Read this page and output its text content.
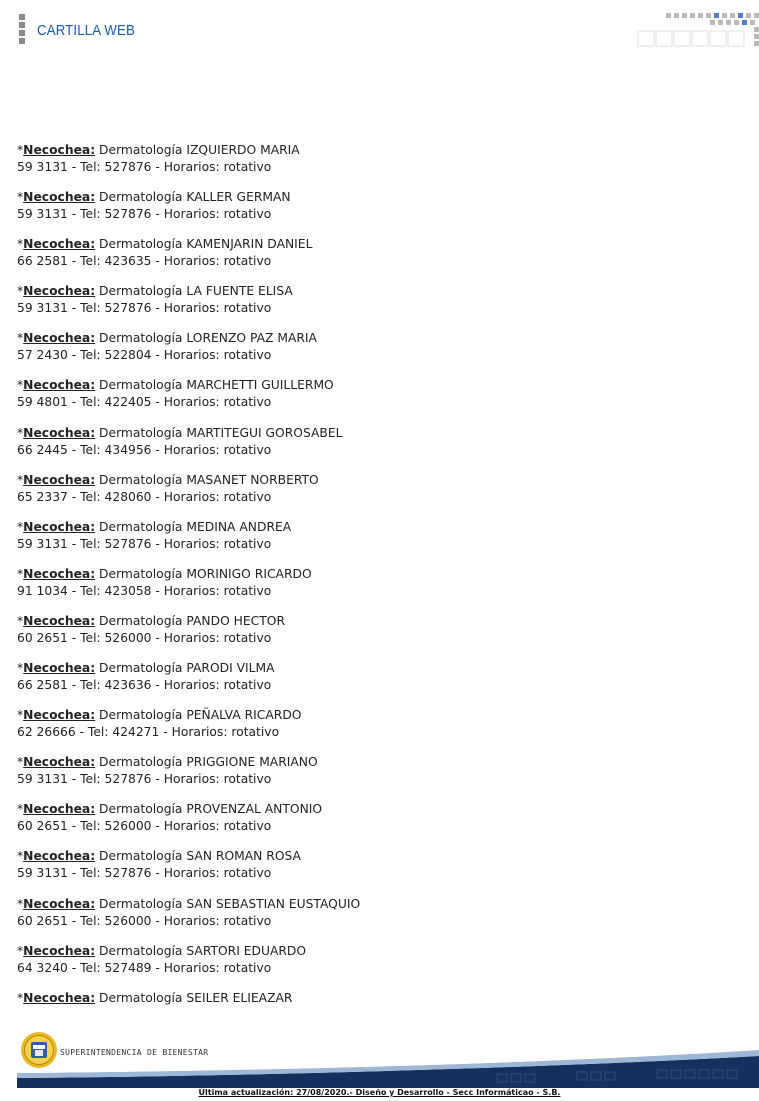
CARTILLA WEB
*Necochea: Dermatología IZQUIERDO MARIA
59 3131 - Tel: 527876 - Horarios: rotativo
*Necochea: Dermatología KALLER GERMAN
59 3131 - Tel: 527876 - Horarios: rotativo
*Necochea: Dermatología KAMENJARIN DANIEL
66 2581 - Tel: 423635 - Horarios: rotativo
*Necochea: Dermatología LA FUENTE ELISA
59 3131 - Tel: 527876 - Horarios: rotativo
*Necochea: Dermatología LORENZO PAZ MARIA
57 2430 - Tel: 522804 - Horarios: rotativo
*Necochea: Dermatología MARCHETTI GUILLERMO
59 4801 - Tel: 422405 - Horarios: rotativo
*Necochea: Dermatología MARTITEGUI GOROSABEL
66 2445 - Tel: 434956 - Horarios: rotativo
*Necochea: Dermatología MASANET NORBERTO
65 2337 - Tel: 428060 - Horarios: rotativo
*Necochea: Dermatología MEDINA ANDREA
59 3131 - Tel: 527876 - Horarios: rotativo
*Necochea: Dermatología MORINIGO RICARDO
91 1034 - Tel: 423058 - Horarios: rotativo
*Necochea: Dermatología PANDO HECTOR
60 2651 - Tel: 526000 - Horarios: rotativo
*Necochea: Dermatología PARODI VILMA
66 2581 - Tel: 423636 - Horarios: rotativo
*Necochea: Dermatología PEÑALVA RICARDO
62 26666 - Tel: 424271 - Horarios: rotativo
*Necochea: Dermatología PRIGGIONE MARIANO
59 3131 - Tel: 527876 - Horarios: rotativo
*Necochea: Dermatología PROVENZAL ANTONIO
60 2651 - Tel: 526000 - Horarios: rotativo
*Necochea: Dermatología SAN ROMAN ROSA
59 3131 - Tel: 527876 - Horarios: rotativo
*Necochea: Dermatología SAN SEBASTIAN EUSTAQUIO
60 2651 - Tel: 526000 - Horarios: rotativo
*Necochea: Dermatología SARTORI EDUARDO
64 3240 - Tel: 527489 - Horarios: rotativo
*Necochea: Dermatología SEILER ELIEAZAR
SUPERINTENDENCIA DE BIENESTAR
Última actualización: 27/08/2020.- Diseño y Desarrollo - Secc Informáticao - S.B.
